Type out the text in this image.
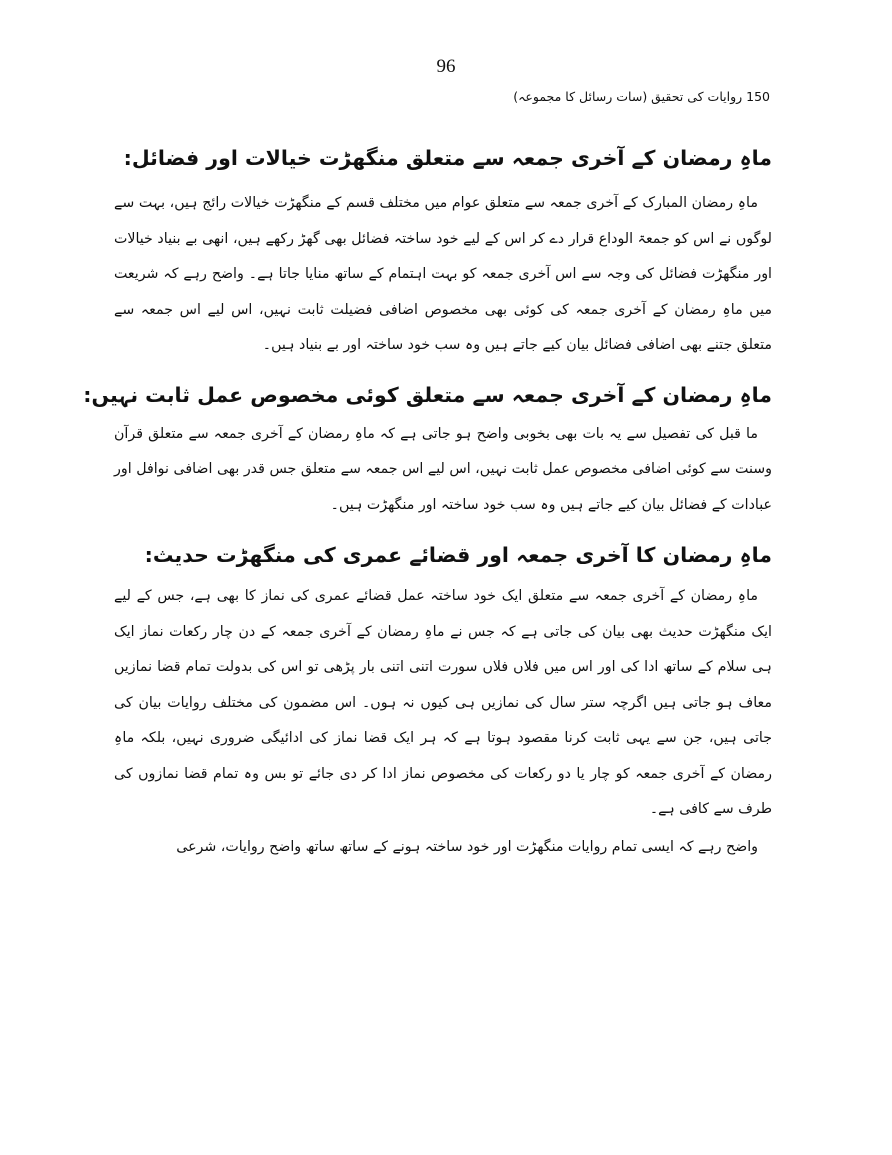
96
150 روایات کی تحقیق (سات رسائل کا مجموعہ)
ماہِ رمضان کے آخری جمعہ سے متعلق منگھڑت خیالات اور فضائل:

ماہِ رمضان المبارک کے آخری جمعہ سے متعلق عوام میں مختلف قسم کے منگھڑت خیالات رائج ہیں، بہت سے لوگوں نے اس کو جمعۃ الوداع قرار دے کر اس کے لیے خود ساختہ فضائل بھی گھڑ رکھے ہیں، انھی بے بنیاد خیالات اور منگھڑت فضائل کی وجہ سے اس آخری جمعہ کو بہت اہتمام کے ساتھ منایا جاتا ہے۔ واضح رہے کہ شریعت میں ماہِ رمضان کے آخری جمعہ کی کوئی بھی مخصوص اضافی فضیلت ثابت نہیں، اس لیے اس جمعہ سے متعلق جتنے بھی اضافی فضائل بیان کیے جاتے ہیں وہ سب خود ساختہ اور بے بنیاد ہیں۔

ماہِ رمضان کے آخری جمعہ سے متعلق کوئی مخصوص عمل ثابت نہیں:

ما قبل کی تفصیل سے یہ بات بھی بخوبی واضح ہو جاتی ہے کہ ماہِ رمضان کے آخری جمعہ سے متعلق قرآن وسنت سے کوئی اضافی مخصوص عمل ثابت نہیں، اس لیے اس جمعہ سے متعلق جس قدر بھی اضافی نوافل اور عبادات کے فضائل بیان کیے جاتے ہیں وہ سب خود ساختہ اور منگھڑت ہیں۔

ماہِ رمضان کا آخری جمعہ اور قضائے عمری کی منگھڑت حدیث:

ماہِ رمضان کے آخری جمعہ سے متعلق ایک خود ساختہ عمل قضائے عمری کی نماز کا بھی ہے، جس کے لیے ایک منگھڑت حدیث بھی بیان کی جاتی ہے کہ جس نے ماہِ رمضان کے آخری جمعہ کے دن چار رکعات نماز ایک ہی سلام کے ساتھ ادا کی اور اس میں فلاں فلاں سورت اتنی اتنی بار پڑھی تو اس کی بدولت تمام قضا نمازیں معاف ہو جاتی ہیں اگرچہ ستر سال کی نمازیں ہی کیوں نہ ہوں۔ اس مضمون کی مختلف روایات بیان کی جاتی ہیں، جن سے یہی ثابت کرنا مقصود ہوتا ہے کہ ہر ایک قضا نماز کی ادائیگی ضروری نہیں، بلکہ ماہِ رمضان کے آخری جمعہ کو چار یا دو رکعات کی مخصوص نماز ادا کر دی جائے تو بس وہ تمام قضا نمازوں کی طرف سے کافی ہے۔

واضح رہے کہ ایسی تمام روایات منگھڑت اور خود ساختہ ہونے کے ساتھ ساتھ واضح روایات، شرعی
